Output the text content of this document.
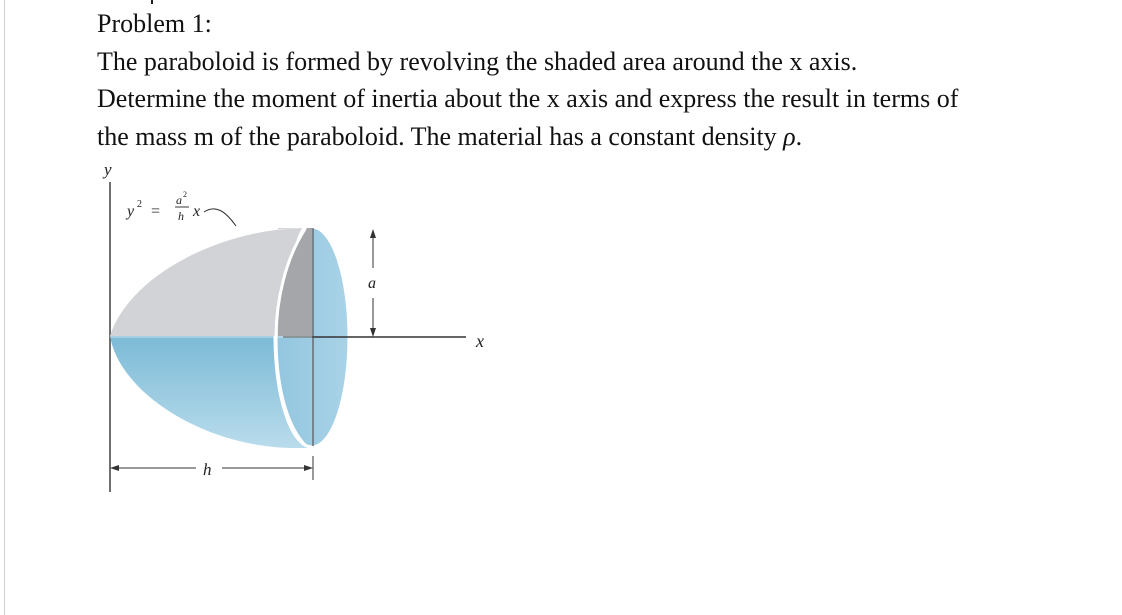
Problem 1:

The paraboloid is formed by revolving the shaded area around the x axis.

Determine the moment of inertia about the x axis and express the result in terms of

the mass m of the paraboloid. The material has a constant density ρ.

y
x
a
h
y 2 =
a 2
h x
